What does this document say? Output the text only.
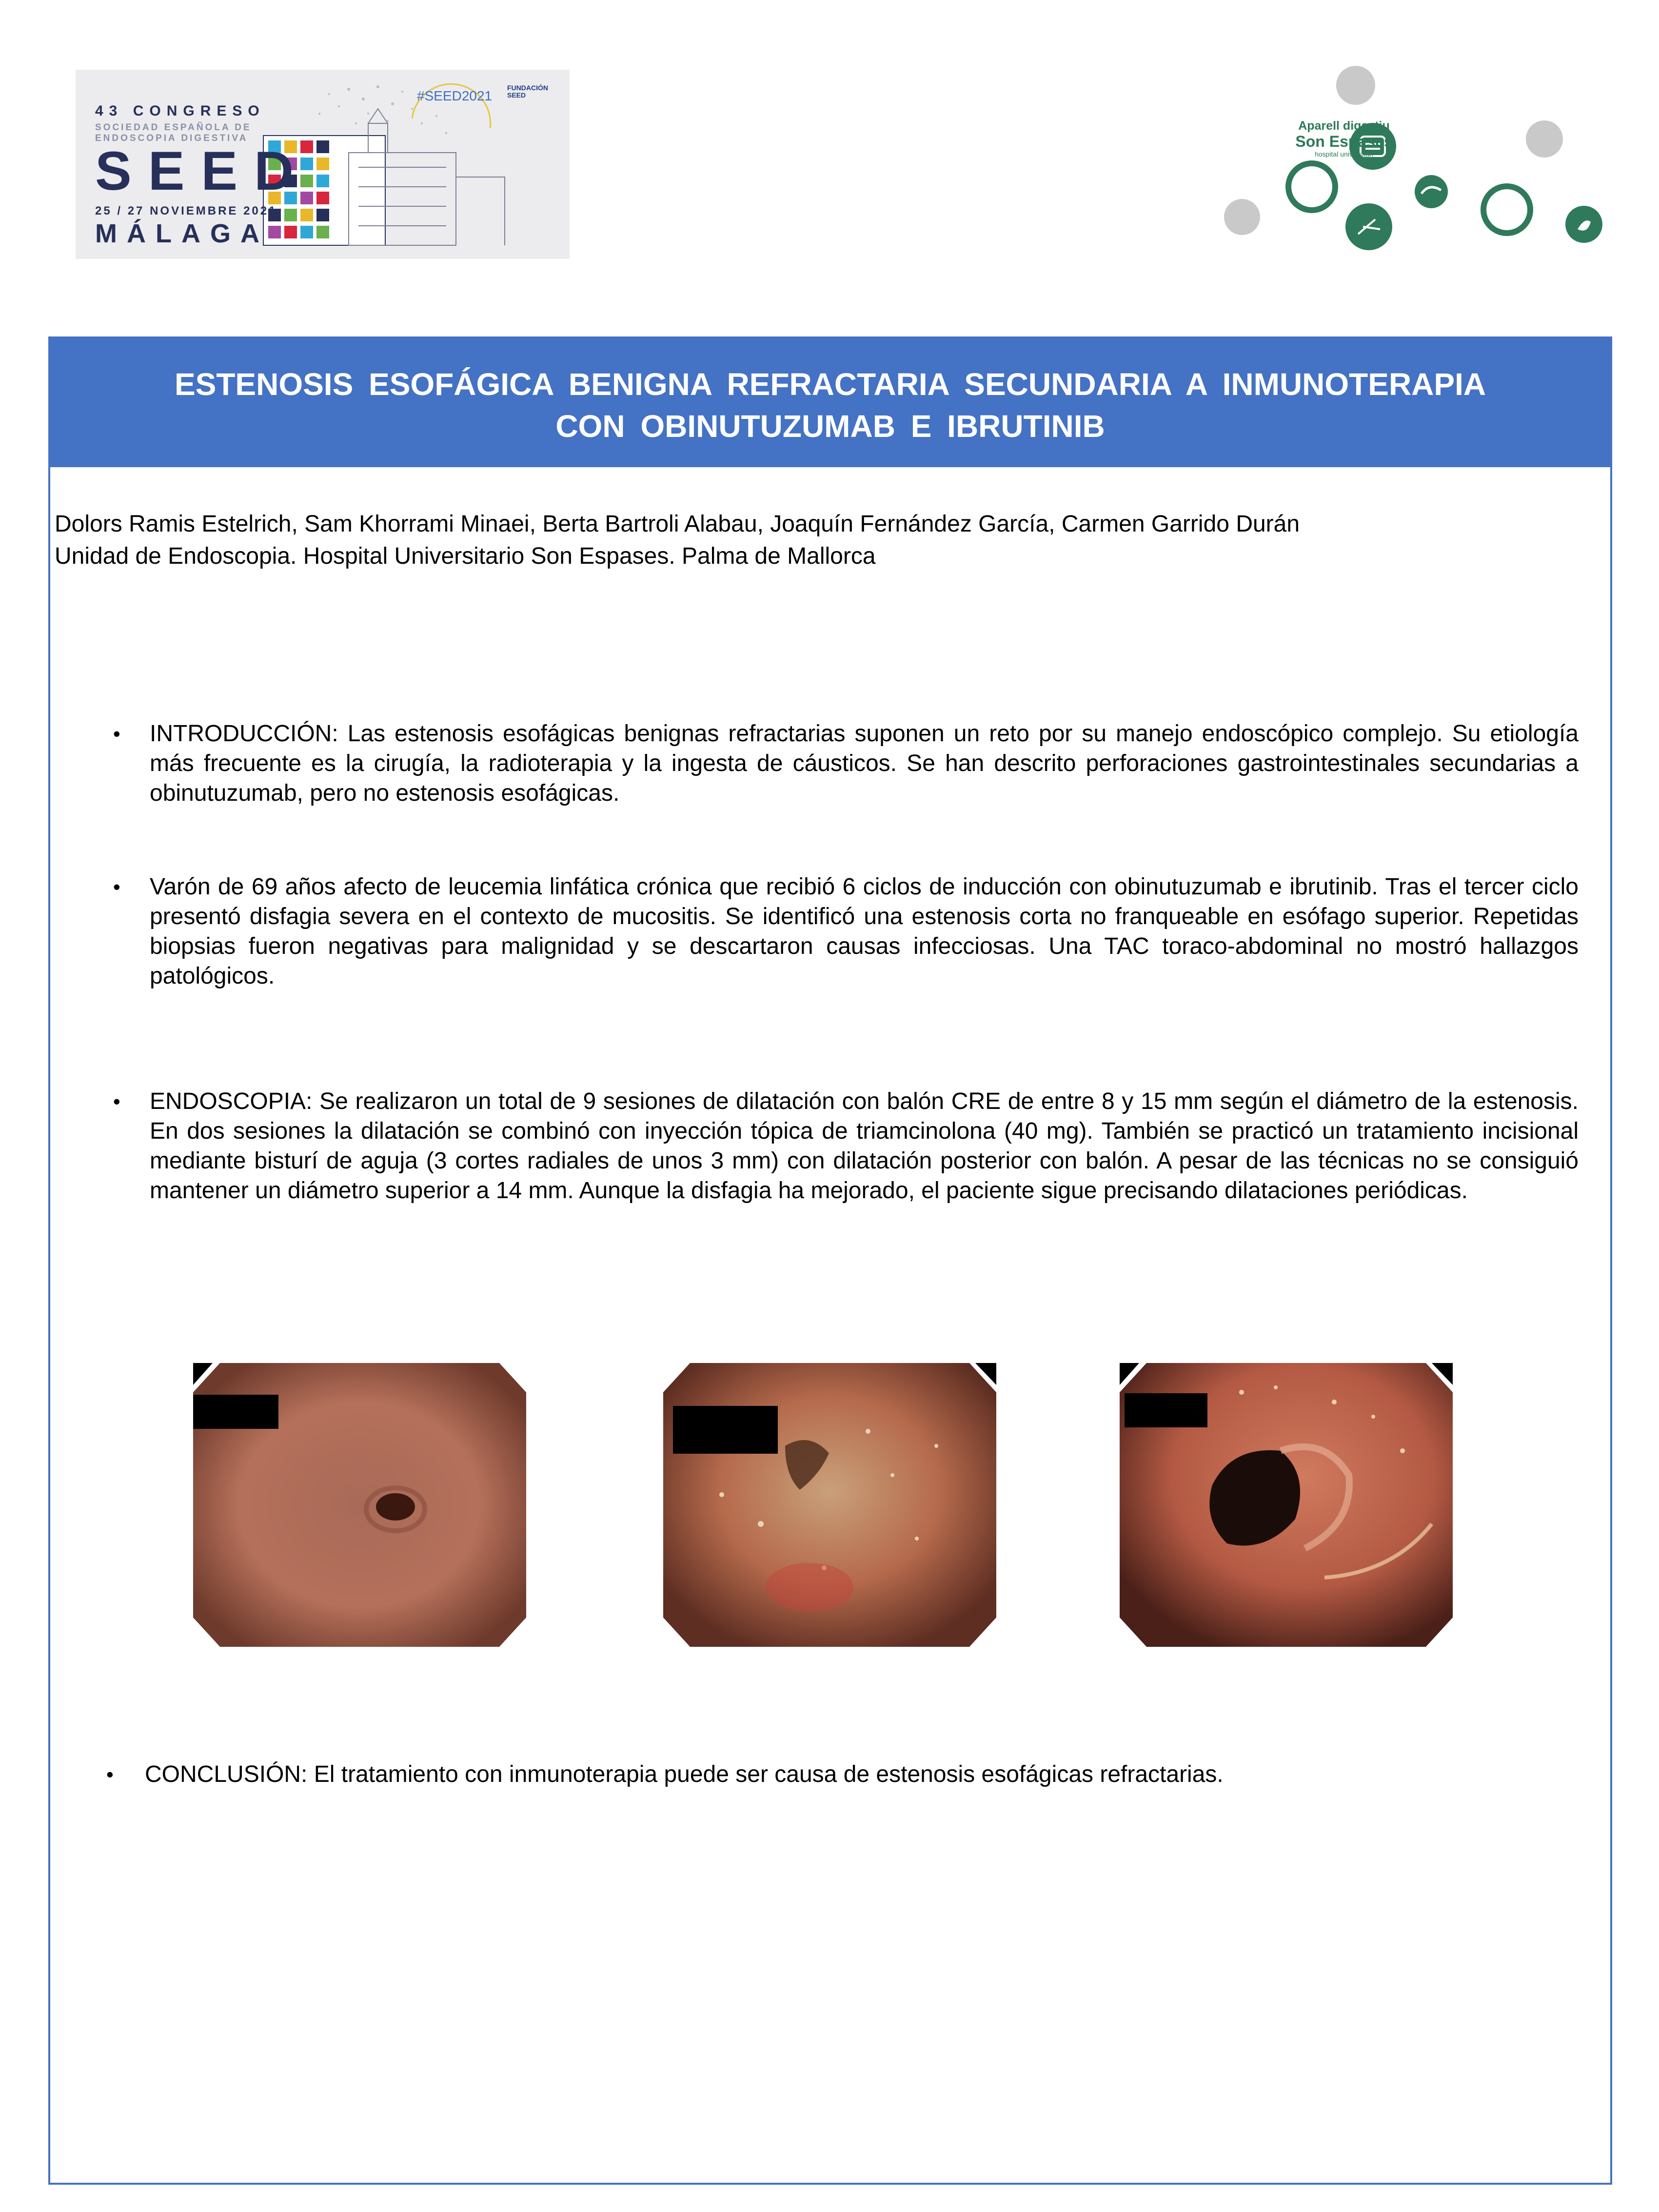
#SEED2021
FUNDACIÓN SEED
43 CONGRESO
SOCIEDAD ESPAÑOLA DE
ENDOSCOPIA DIGESTIVA
SEED
25 / 27 NOVIEMBRE 2021
MÁLAGA
Aparell digestiu
Son Espases
hospital universitari
ESTENOSIS ESOFÁGICA BENIGNA REFRACTARIA SECUNDARIA A INMUNOTERAPIA
CON OBINUTUZUMAB E IBRUTINIB
Dolors Ramis Estelrich, Sam Khorrami Minaei, Berta Bartroli Alabau, Joaquín Fernández García, Carmen Garrido Durán
Unidad de Endoscopia. Hospital Universitario Son Espases. Palma de Mallorca
• INTRODUCCIÓN: Las estenosis esofágicas benignas refractarias suponen un reto por su manejo endoscópico complejo. Su etiología más frecuente es la cirugía, la radioterapia y la ingesta de cáusticos. Se han descrito perforaciones gastrointestinales secundarias a obinutuzumab, pero no estenosis esofágicas.
• Varón de 69 años afecto de leucemia linfática crónica que recibió 6 ciclos de inducción con obinutuzumab e ibrutinib. Tras el tercer ciclo presentó disfagia severa en el contexto de mucositis. Se identificó una estenosis corta no franqueable en esófago superior. Repetidas biopsias fueron negativas para malignidad y se descartaron causas infecciosas. Una TAC toraco-abdominal no mostró hallazgos patológicos.
• ENDOSCOPIA: Se realizaron un total de 9 sesiones de dilatación con balón CRE de entre 8 y 15 mm según el diámetro de la estenosis. En dos sesiones la dilatación se combinó con inyección tópica de triamcinolona (40 mg). También se practicó un tratamiento incisional mediante bisturí de aguja (3 cortes radiales de unos 3 mm) con dilatación posterior con balón. A pesar de las técnicas no se consiguió mantener un diámetro superior a 14 mm. Aunque la disfagia ha mejorado, el paciente sigue precisando dilataciones periódicas.
• CONCLUSIÓN: El tratamiento con inmunoterapia puede ser causa de estenosis esofágicas refractarias.
